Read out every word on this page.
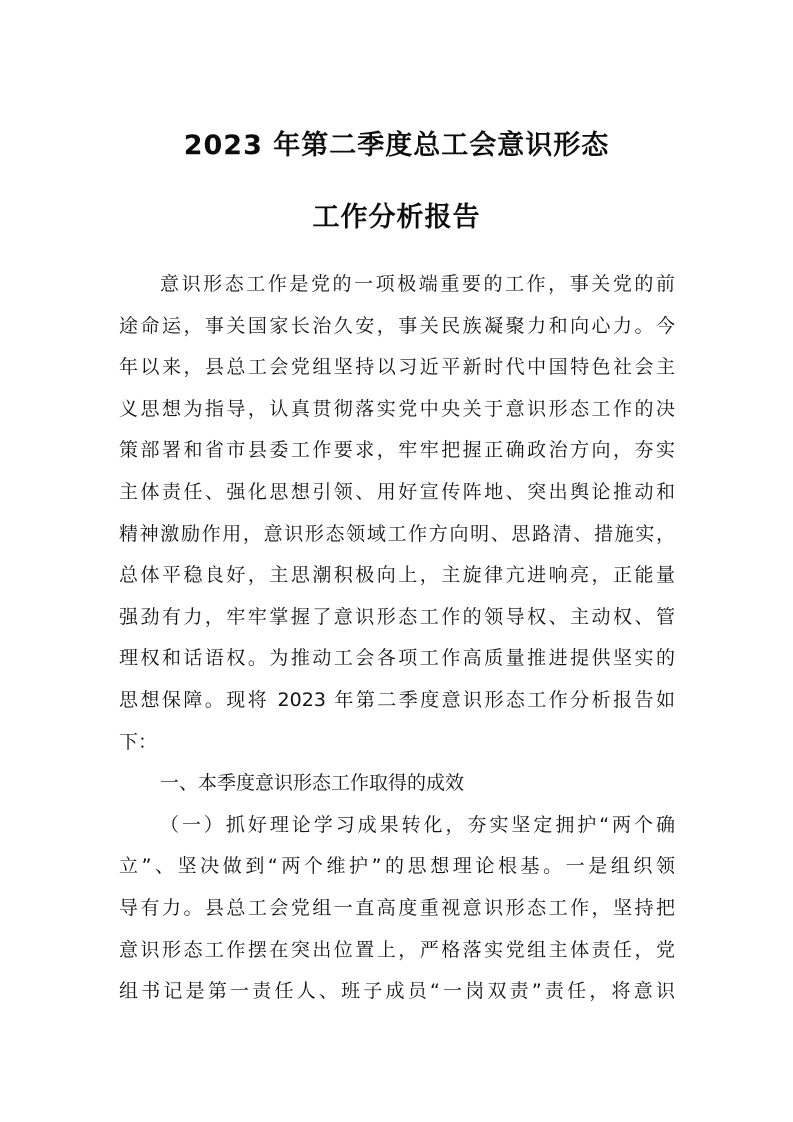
2023 年第二季度总工会意识形态
工作分析报告
意识形态工作是党的一项极端重要的工作，事关党的前
途命运，事关国家长治久安，事关民族凝聚力和向心力。今
年以来，县总工会党组坚持以习近平新时代中国特色社会主
义思想为指导，认真贯彻落实党中央关于意识形态工作的决
策部署和省市县委工作要求，牢牢把握正确政治方向，夯实
主体责任、强化思想引领、用好宣传阵地、突出舆论推动和
精神激励作用，意识形态领域工作方向明、思路清、措施实，
总体平稳良好，主思潮积极向上，主旋律亢进响亮，正能量
强劲有力，牢牢掌握了意识形态工作的领导权、主动权、管
理权和话语权。为推动工会各项工作高质量推进提供坚实的
思想保障。现将 2023 年第二季度意识形态工作分析报告如
下：
一、本季度意识形态工作取得的成效
（一）抓好理论学习成果转化，夯实坚定拥护“两个确
立”、坚决做到“两个维护”的思想理论根基。一是组织领
导有力。县总工会党组一直高度重视意识形态工作，坚持把
意识形态工作摆在突出位置上，严格落实党组主体责任，党
组书记是第一责任人、班子成员“一岗双责”责任，将意识
